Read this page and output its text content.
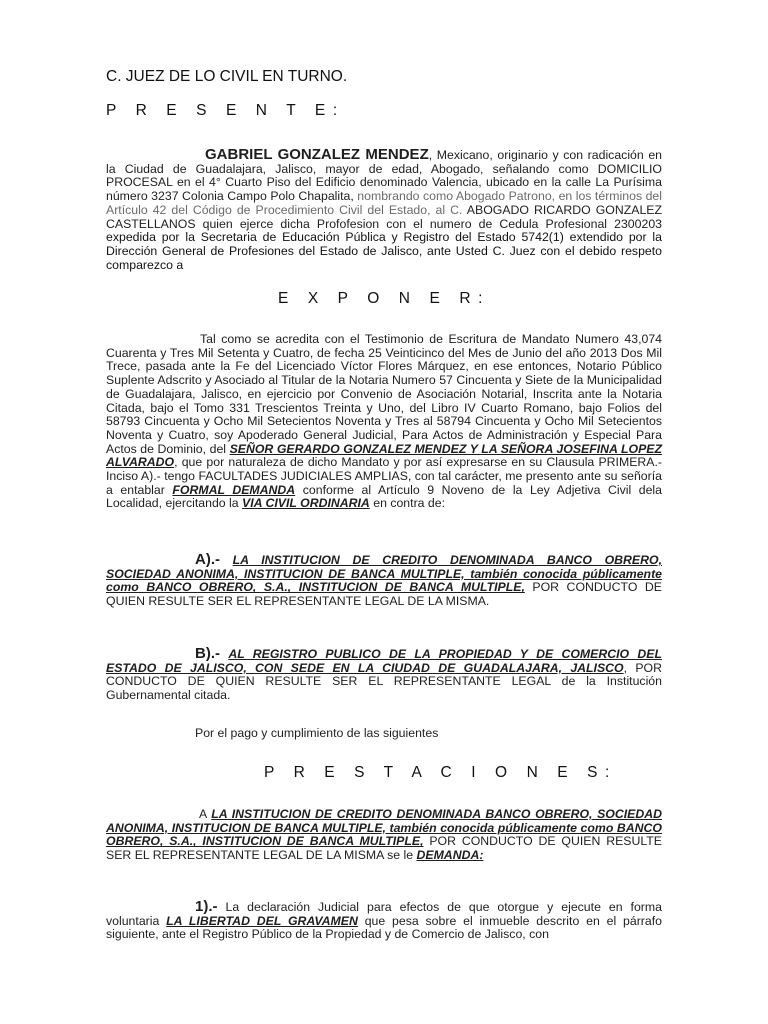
C. JUEZ DE LO CIVIL EN TURNO.
P R E S E N T E:
GABRIEL GONZALEZ MENDEZ, Mexicano, originario y con radicación en la Ciudad de Guadalajara, Jalisco, mayor de edad, Abogado, señalando como DOMICILIO PROCESAL en el 4° Cuarto Piso del Edificio denominado Valencia, ubicado en la calle La Purísima número 3237 Colonia Campo Polo Chapalita, nombrando como Abogado Patrono, en los términos del Artículo 42 del Código de Procedimiento Civil del Estado, al C. ABOGADO RICARDO GONZALEZ CASTELLANOS quien ejerce dicha Profofesion con el numero de Cedula Profesional 2300203 expedida por la Secretaria de Educación Pública y Registro del Estado 5742(1) extendido por la Dirección General de Profesiones del Estado de Jalisco, ante Usted C. Juez con el debido respeto comparezco a
E X P O N E R:
Tal como se acredita con el Testimonio de Escritura de Mandato Numero 43,074 Cuarenta y Tres Mil Setenta y Cuatro, de fecha 25 Veinticinco del Mes de Junio del año 2013 Dos Mil Trece, pasada ante la Fe del Licenciado Víctor Flores Márquez, en ese entonces, Notario Público Suplente Adscrito y Asociado al Titular de la Notaria Numero 57 Cincuenta y Siete de la Municipalidad de Guadalajara, Jalisco, en ejercicio por Convenio de Asociación Notarial, Inscrita ante la Notaria Citada, bajo el Tomo 331 Trescientos Treinta y Uno, del Libro IV Cuarto Romano, bajo Folios del 58793 Cincuenta y Ocho Mil Setecientos Noventa y Tres al 58794 Cincuenta y Ocho Mil Setecientos Noventa y Cuatro, soy Apoderado General Judicial, Para Actos de Administración y Especial Para Actos de Dominio, del SEÑOR GERARDO GONZALEZ MENDEZ Y LA SEÑORA JOSEFINA LOPEZ ALVARADO, que por naturaleza de dicho Mandato y por así expresarse en su Clausula PRIMERA.- Inciso A).- tengo FACULTADES JUDICIALES AMPLIAS, con tal carácter, me presento ante su señoría a entablar FORMAL DEMANDA conforme al Artículo 9 Noveno de la Ley Adjetiva Civil dela Localidad, ejercitando la VIA CIVIL ORDINARIA en contra de:
A).- LA INSTITUCION DE CREDITO DENOMINADA BANCO OBRERO, SOCIEDAD ANONIMA, INSTITUCION DE BANCA MULTIPLE, también conocida públicamente como BANCO OBRERO, S.A., INSTITUCION DE BANCA MULTIPLE, POR CONDUCTO DE QUIEN RESULTE SER EL REPRESENTANTE LEGAL DE LA MISMA.
B).- AL REGISTRO PUBLICO DE LA PROPIEDAD Y DE COMERCIO DEL ESTADO DE JALISCO, CON SEDE EN LA CIUDAD DE GUADALAJARA, JALISCO, POR CONDUCTO DE QUIEN RESULTE SER EL REPRESENTANTE LEGAL de la Institución Gubernamental citada.
Por el pago y cumplimiento de las siguientes
P R E S T A C I O N E S:
A LA INSTITUCION DE CREDITO DENOMINADA BANCO OBRERO, SOCIEDAD ANONIMA, INSTITUCION DE BANCA MULTIPLE, también conocida públicamente como BANCO OBRERO, S.A., INSTITUCION DE BANCA MULTIPLE, POR CONDUCTO DE QUIEN RESULTE SER EL REPRESENTANTE LEGAL DE LA MISMA se le DEMANDA:
1).- La declaración Judicial para efectos de que otorgue y ejecute en forma voluntaria LA LIBERTAD DEL GRAVAMEN que pesa sobre el inmueble descrito en el párrafo siguiente, ante el Registro Público de la Propiedad y de Comercio de Jalisco, con
